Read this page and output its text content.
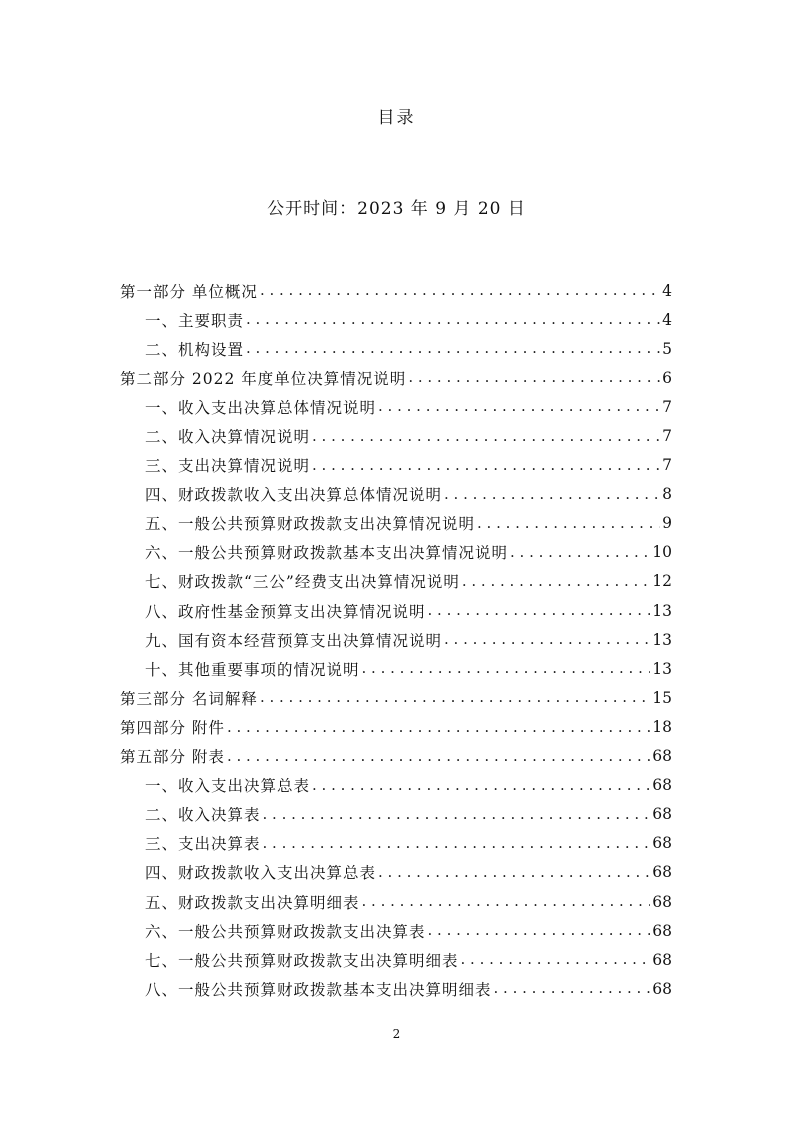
目录
公开时间：2023 年 9 月 20 日
第一部分 单位概况 . . .	4
一、主要职责 . . .	4
二、机构设置 . . .	5
第二部分 2022 年度单位决算情况说明 . . .	6
一、收入支出决算总体情况说明 . . .	7
二、收入决算情况说明 . . .	7
三、支出决算情况说明 . . .	7
四、财政拨款收入支出决算总体情况说明 . . .	8
五、一般公共预算财政拨款支出决算情况说明 . . .	9
六、一般公共预算财政拨款基本支出决算情况说明 . . .	10
七、财政拨款“三公”经费支出决算情况说明 . . .	12
八、政府性基金预算支出决算情况说明 . . .	13
九、国有资本经营预算支出决算情况说明 . . .	13
十、其他重要事项的情况说明 . . .	13
第三部分 名词解释 . . .	15
第四部分 附件 . . .	18
第五部分 附表 . . .	68
一、收入支出决算总表 . . .	68
二、收入决算表 . . .	68
三、支出决算表 . . .	68
四、财政拨款收入支出决算总表 . . .	68
五、财政拨款支出决算明细表 . . .	68
六、一般公共预算财政拨款支出决算表 . . .	68
七、一般公共预算财政拨款支出决算明细表 . . .	68
八、一般公共预算财政拨款基本支出决算明细表 . . .	68
2
